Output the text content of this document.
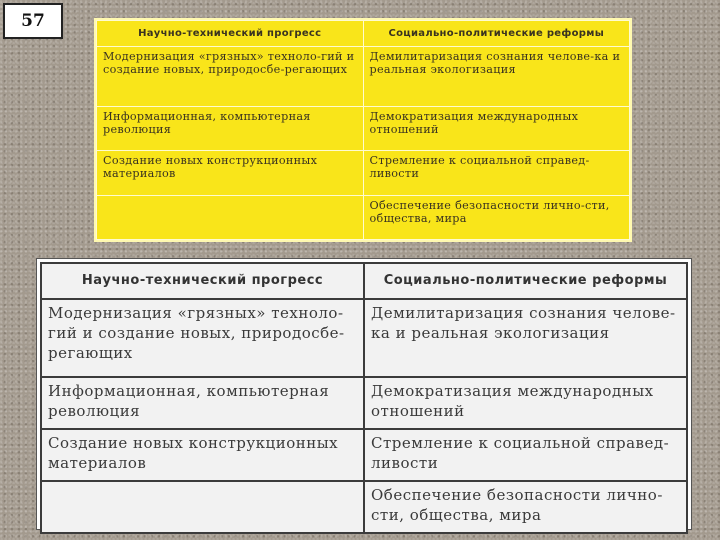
57
Научно-технический прогресс	Социально-политические реформы
Модернизация «грязных» техноло-гий и создание новых, природосбе-регающих	Демилитаризация сознания челове-ка и реальная экологизация
Информационная, компьютерная революция	Демократизация международных отношений
Создание новых конструкционных материалов	Стремление к социальной справед-ливости
	Обеспечение безопасности лично-сти, общества, мира
Научно-технический прогресс	Социально-политические реформы
Модернизация «грязных» техноло-гий и создание новых, природосбе-регающих	Демилитаризация сознания челове-ка и реальная экологизация
Информационная, компьютерная революция	Демократизация международных отношений
Создание новых конструкционных материалов	Стремление к социальной справед-ливости
	Обеспечение безопасности лично-сти, общества, мира
